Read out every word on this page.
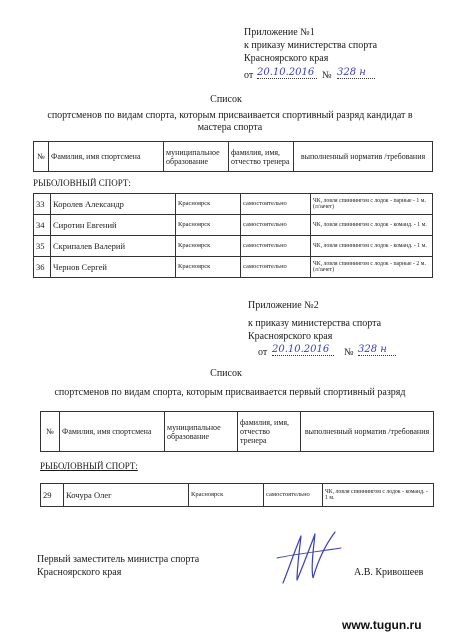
Приложение №1
к приказу министерства спорта
Красноярского края
от 20.10.2016 № 328 н
Список
спортсменов по видам спорта, которым присваивается спортивный разряд кандидат в
мастера спорта
№	Фамилия, имя спортсмена	муниципальное образование	фамилия, имя, отчество тренера	выполненный норматив /требования
РЫБОЛОВНЫЙ СПОРТ:
33	Королев Александр	Красноярск	самостоятельно	ЧК, ловля спиннингом с лодок - парные - 1 м. (л/зачет)
34	Сиротин Евгений	Красноярск	самостоятельно	ЧК, ловля спиннингом с лодок - команд. - 1 м.
35	Скрипалев Валерий	Красноярск	самостоятельно	ЧК, ловля спиннингом с лодок - команд. - 1 м.
36	Чернов Сергей	Красноярск	самостоятельно	ЧК, ловля спиннингом с лодок - парные - 2 м. (л/зачет)
Приложение №2
к приказу министерства спорта
Красноярского края
от 20.10.2016	№ 328 н
Список
спортсменов по видам спорта, которым присваивается первый спортивный разряд
№	Фамилия, имя спортсмена	муниципальное образование	фамилия, имя, отчество тренера	выполненный норматив /требования
РЫБОЛОВНЫЙ СПОРТ:
29	Кочура Олег	Красноярск	самостоятельно	ЧК, ловля спиннингом с лодок - команд. - 1 м.
Первый заместитель министра спорта
Красноярского края	А.В. Кривошеев
www.tugun.ru
